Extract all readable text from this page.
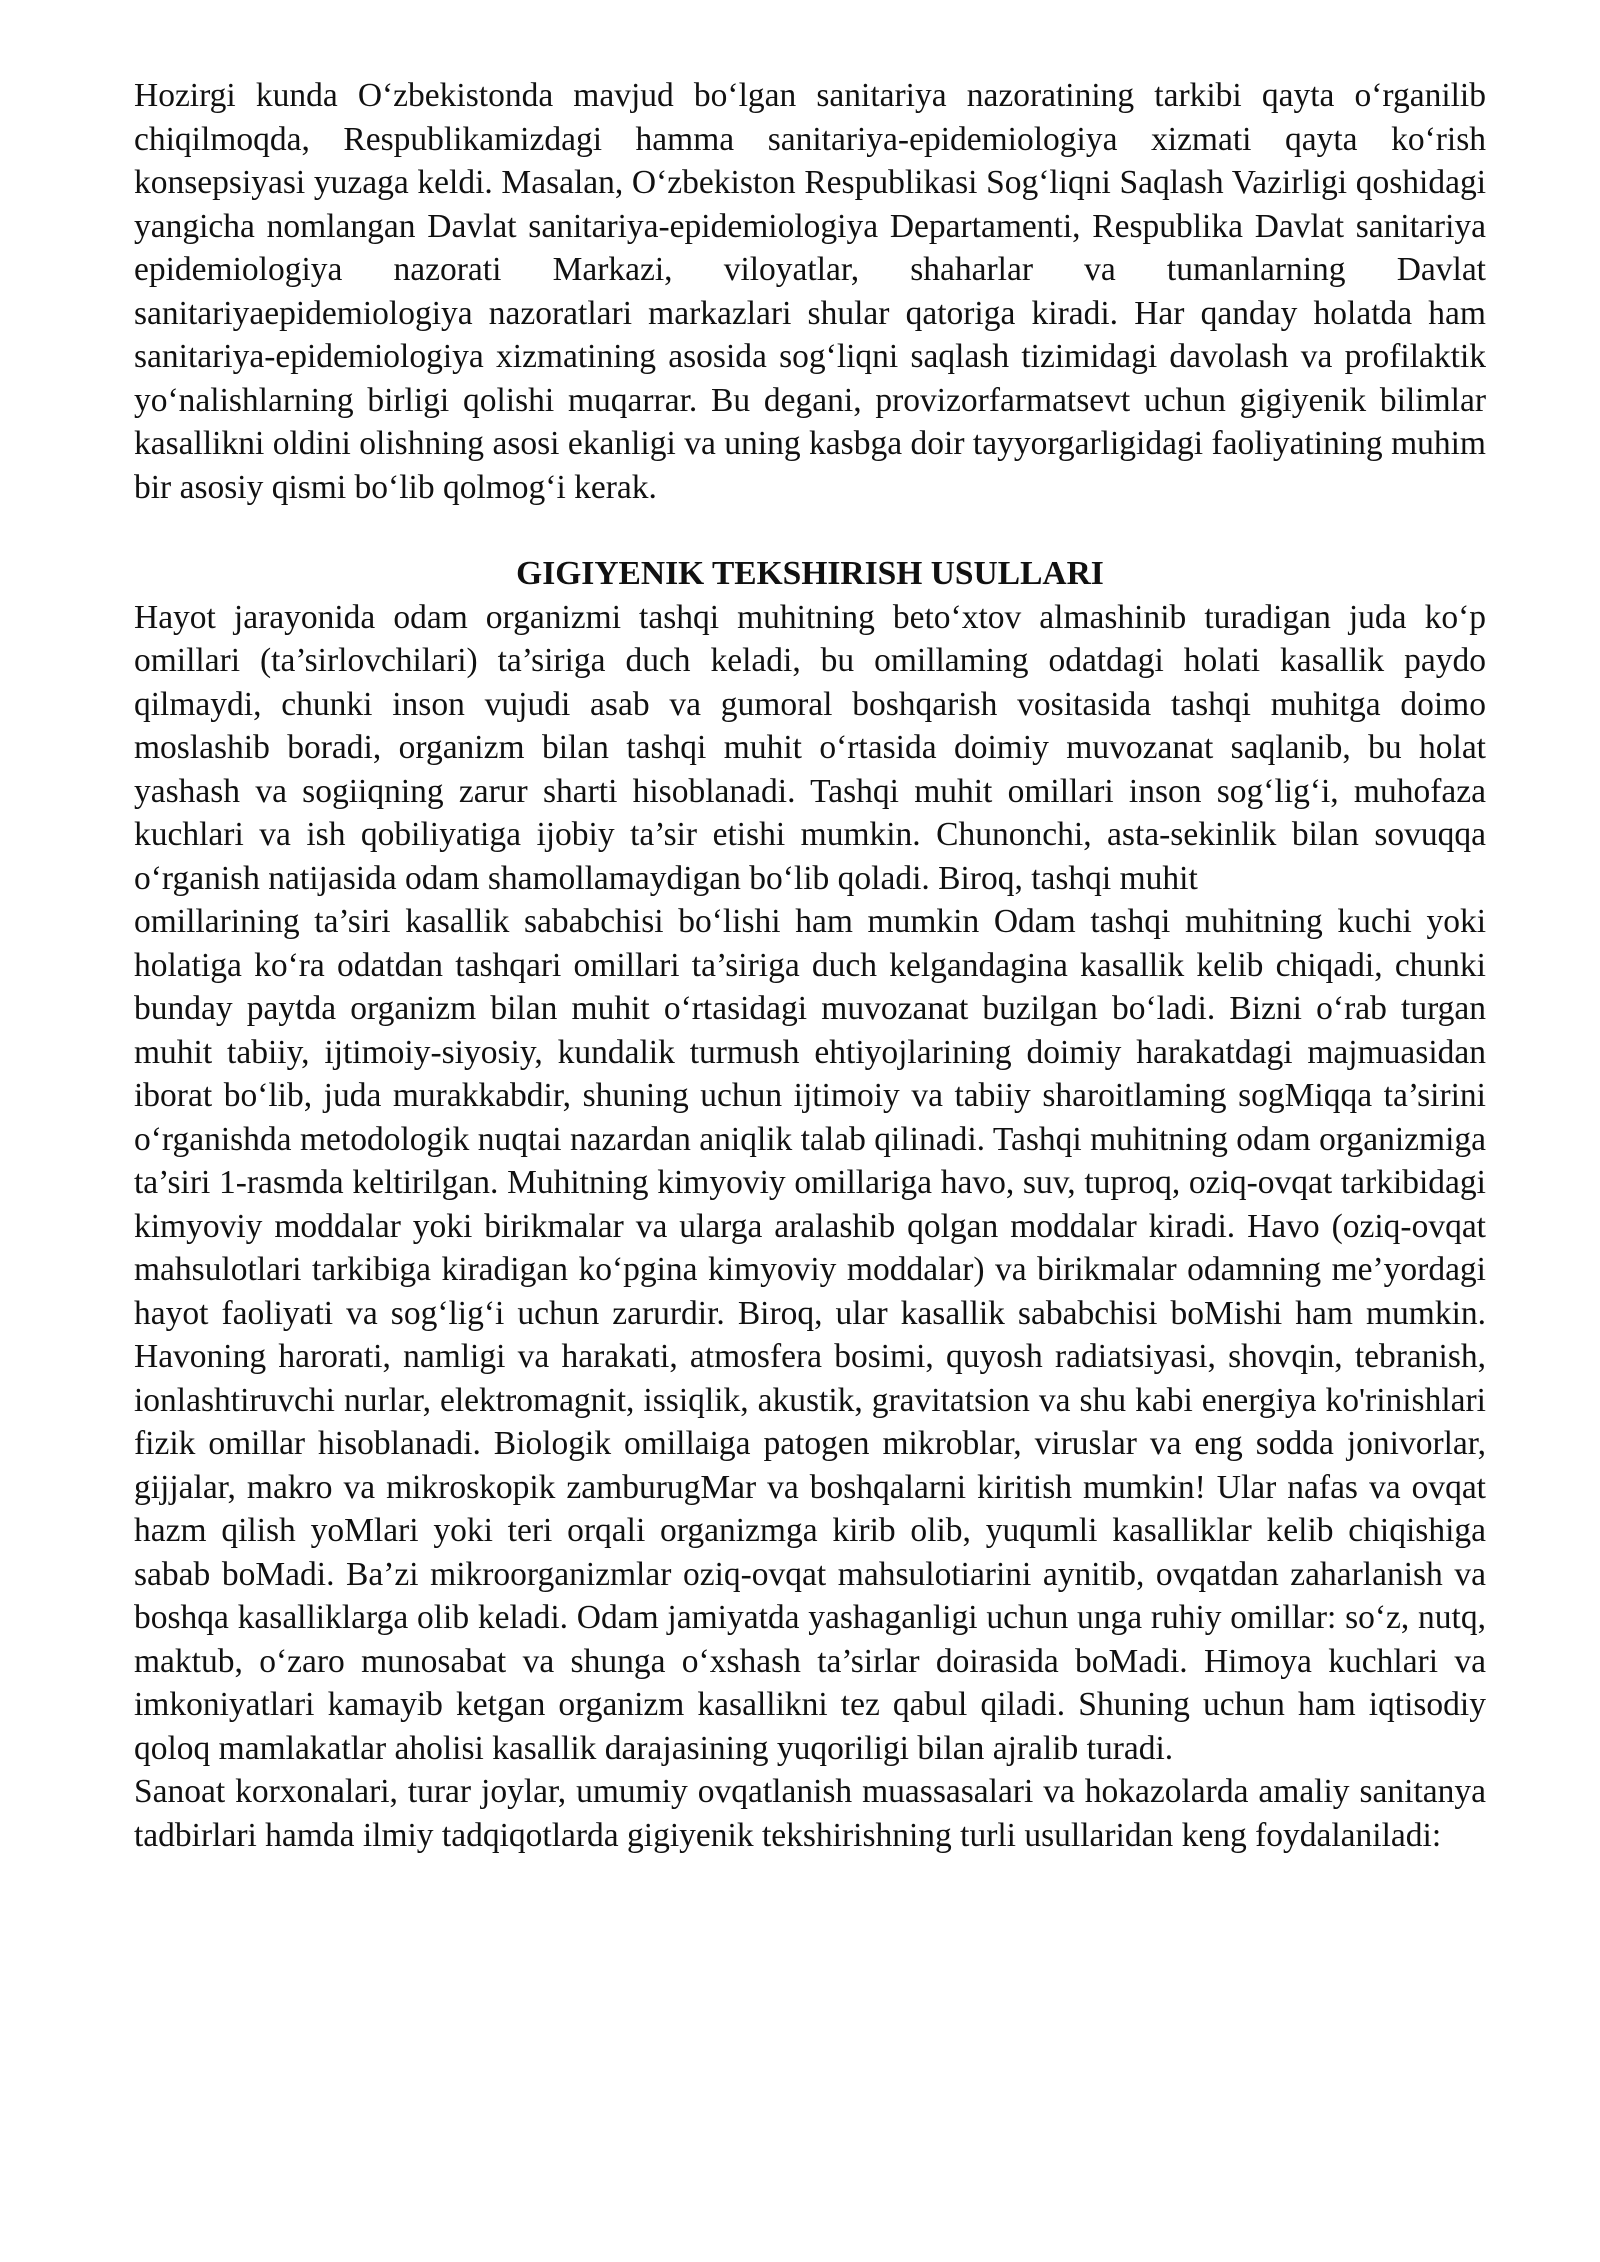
Hozirgi kunda O‘zbekistonda mavjud bo‘lgan sanitariya nazoratining tarkibi qayta o‘rganilib chiqilmoqda, Respublikamizdagi hamma sanitariya-epidemiologiya xizmati qayta ko‘rish konsepsiyasi yuzaga keldi. Masalan, O‘zbekiston Respublikasi Sog‘liqni Saqlash Vazirligi qoshidagi yangicha nomlangan Davlat sanitariya-epidemiologiya Departamenti, Respublika Davlat sanitariya epidemiologiya nazorati Markazi, viloyatlar, shaharlar va tumanlarning Davlat sanitariyaepidemiologiya nazoratlari markazlari shular qatoriga kiradi. Har qanday holatda ham sanitariya-epidemiologiya xizmatining asosida sog‘liqni saqlash tizimidagi davolash va profilaktik yo‘nalishlarning birligi qolishi muqarrar. Bu degani, provizorfarmatsevt uchun gigiyenik bilimlar kasallikni oldini olishning asosi ekanligi va uning kasbga doir tayyorgarligidagi faoliyatining muhim bir asosiy qismi bo‘lib qolmog‘i kerak.

GIGIYENIK TEKSHIRISH USULLARI

Hayot jarayonida odam organizmi tashqi muhitning beto‘xtov almashinib turadigan juda ko‘p omillari (ta’sirlovchilari) ta’siriga duch keladi, bu omillaming odatdagi holati kasallik paydo qilmaydi, chunki inson vujudi asab va gumoral boshqarish vositasida tashqi muhitga doimo moslashib boradi, organizm bilan tashqi muhit o‘rtasida doimiy muvozanat saqlanib, bu holat yashash va sogiiqning zarur sharti hisoblanadi. Tashqi muhit omillari inson sog‘lig‘i, muhofaza kuchlari va ish qobiliyatiga ijobiy ta’sir etishi mumkin. Chunonchi, asta-sekinlik bilan sovuqqa o‘rganish natijasida odam shamollamaydigan bo‘lib qoladi. Biroq, tashqi muhit

omillarining ta’siri kasallik sababchisi bo‘lishi ham mumkin Odam tashqi muhitning kuchi yoki holatiga ko‘ra odatdan tashqari omillari ta’siriga duch kelgandagina kasallik kelib chiqadi, chunki bunday paytda organizm bilan muhit o‘rtasidagi muvozanat buzilgan bo‘ladi. Bizni o‘rab turgan muhit tabiiy, ijtimoiy-siyosiy, kundalik turmush ehtiyojlarining doimiy harakatdagi majmuasidan iborat bo‘lib, juda murakkabdir, shuning uchun ijtimoiy va tabiiy sharoitlaming sogMiqqa ta’sirini o‘rganishda metodologik nuqtai nazardan aniqlik talab qilinadi. Tashqi muhitning odam organizmiga ta’siri 1-rasmda keltirilgan. Muhitning kimyoviy omillariga havo, suv, tuproq, oziq-ovqat tarkibidagi kimyoviy moddalar yoki birikmalar va ularga aralashib qolgan moddalar kiradi. Havo (oziq-ovqat mahsulotlari tarkibiga kiradigan ko‘pgina kimyoviy moddalar) va birikmalar odamning me’yordagi hayot faoliyati va sog‘lig‘i uchun zarurdir. Biroq, ular kasallik sababchisi boMishi ham mumkin. Havoning harorati, namligi va harakati, atmosfera bosimi, quyosh radiatsiyasi, shovqin, tebranish, ionlashtiruvchi nurlar, elektromagnit, issiqlik, akustik, gravitatsion va shu kabi energiya ko'rinishlari fizik omillar hisoblanadi. Biologik omillaiga patogen mikroblar, viruslar va eng sodda jonivorlar, gijjalar, makro va mikroskopik zamburugMar va boshqalarni kiritish mumkin! Ular nafas va ovqat hazm qilish yoMlari yoki teri orqali organizmga kirib olib, yuqumli kasalliklar kelib chiqishiga sabab boMadi. Ba’zi mikroorganizmlar oziq-ovqat mahsulotiarini aynitib, ovqatdan zaharlanish va boshqa kasalliklarga olib keladi. Odam jamiyatda yashaganligi uchun unga ruhiy omillar: so‘z, nutq, maktub, o‘zaro munosabat va shunga o‘xshash ta’sirlar doirasida boMadi. Himoya kuchlari va imkoniyatlari kamayib ketgan organizm kasallikni tez qabul qiladi. Shuning uchun ham iqtisodiy qoloq mamlakatlar aholisi kasallik darajasining yuqoriligi bilan ajralib turadi.

Sanoat korxonalari, turar joylar, umumiy ovqatlanish muassasalari va hokazolarda amaliy sanitanya tadbirlari hamda ilmiy tadqiqotlarda gigiyenik tekshirishning turli usullaridan keng foydalaniladi:
